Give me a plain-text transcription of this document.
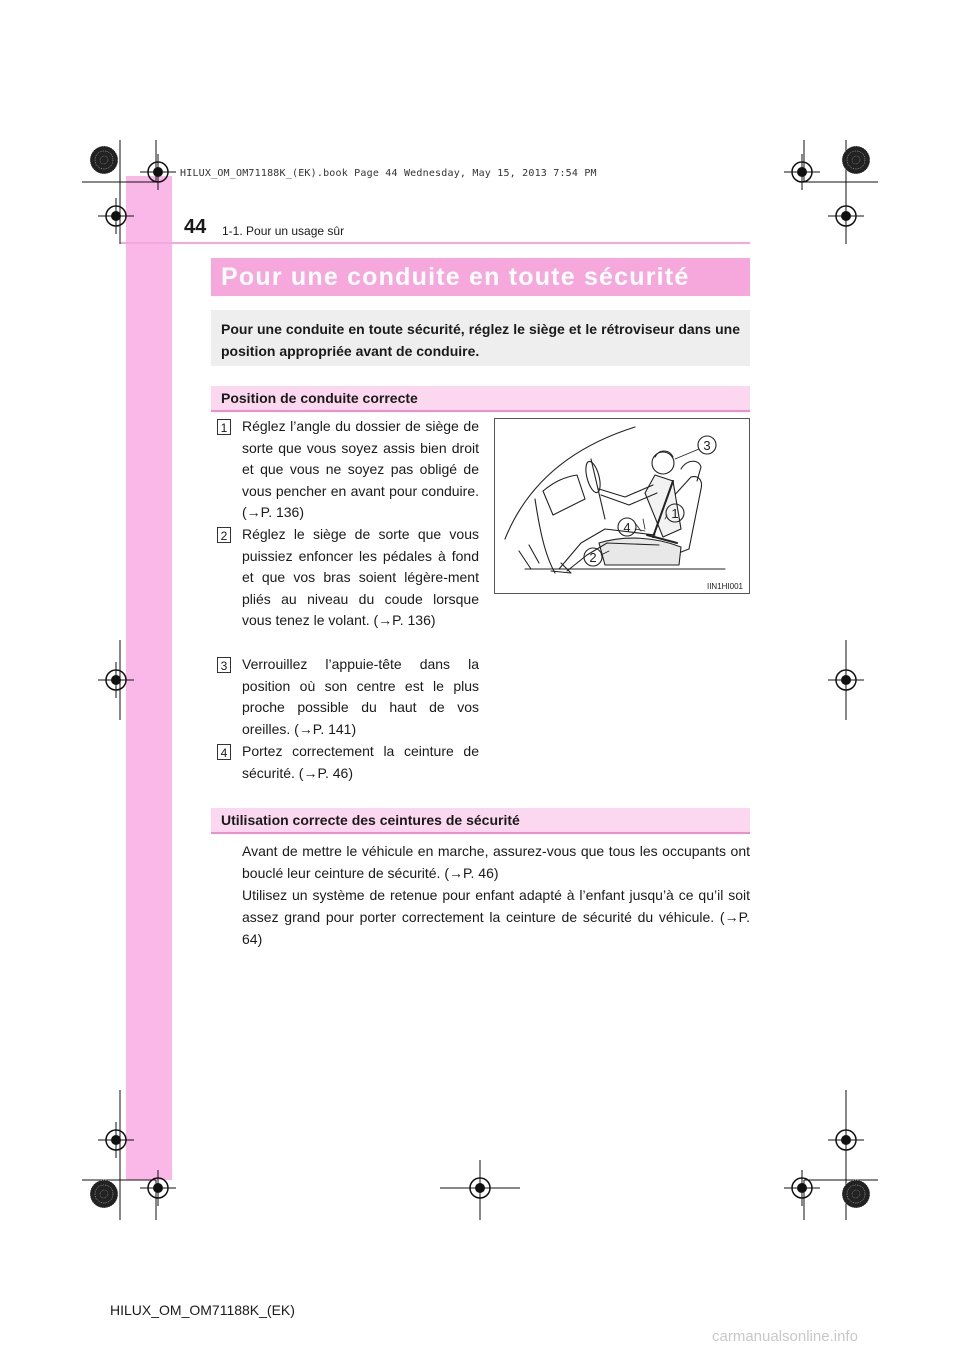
HILUX_OM_OM71188K_(EK).book Page 44 Wednesday, May 15, 2013 7:54 PM
44 1-1. Pour un usage sûr
Pour une conduite en toute sécurité
Pour une conduite en toute sécurité, réglez le siège et le rétroviseur dans une position appropriée avant de conduire.
Position de conduite correcte
1 Réglez l’angle du dossier de siège de sorte que vous soyez assis bien droit et que vous ne soyez pas obligé de vous pencher en avant pour conduire. (→P. 136)

2 Réglez le siège de sorte que vous puissiez enfoncer les pédales à fond et que vos bras soient légère-ment pliés au niveau du coude lorsque vous tenez le volant. (→P. 136)

3 Verrouillez l’appuie-tête dans la position où son centre est le plus proche possible du haut de vos oreilles. (→P. 141)

4 Portez correctement la ceinture de sécurité. (→P. 46)

3
1
4
2
IIN1HI001
Utilisation correcte des ceintures de sécurité

Avant de mettre le véhicule en marche, assurez-vous que tous les occupants ont bouclé leur ceinture de sécurité. (→P. 46)

Utilisez un système de retenue pour enfant adapté à l’enfant jusqu’à ce qu’il soit assez grand pour porter correctement la ceinture de sécurité du véhicule. (→P. 64)

HILUX_OM_OM71188K_(EK)
carmanualsonline.info
